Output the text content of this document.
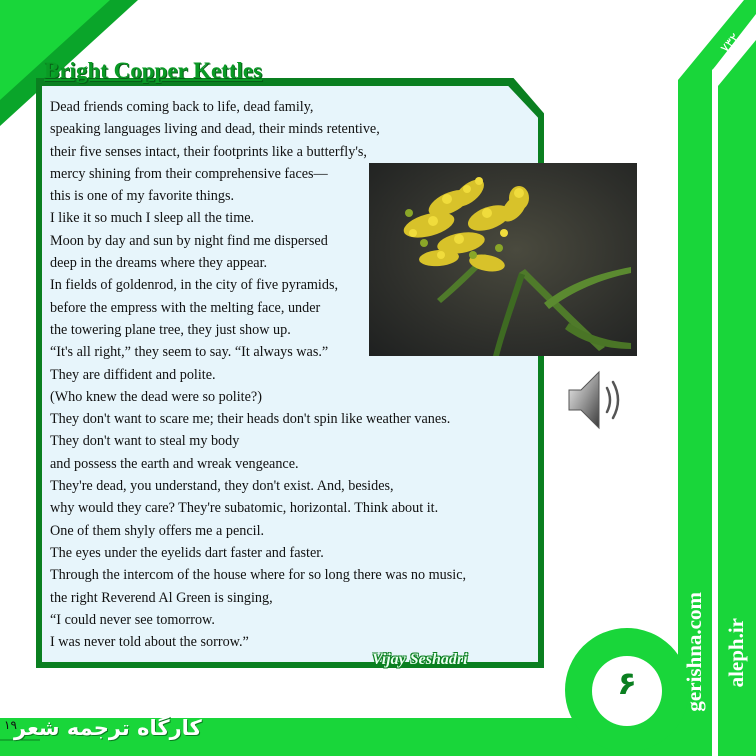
Bright Copper Kettles
Dead friends coming back to life, dead family,
speaking languages living and dead, their minds retentive,
their five senses intact, their footprints like a butterfly's,
mercy shining from their comprehensive faces—
this is one of my favorite things.
I like it so much I sleep all the time.
Moon by day and sun by night find me dispersed
deep in the dreams where they appear.
In fields of goldenrod, in the city of five pyramids,
before the empress with the melting face, under
the towering plane tree, they just show up.
“It's all right,” they seem to say. “It always was.”
They are diffident and polite.
(Who knew the dead were so polite?)
They don't want to scare me; their heads don't spin like weather vanes.
They don't want to steal my body
and possess the earth and wreak vengeance.
They're dead, you understand, they don't exist. And, besides,
why would they care? They're subatomic, horizontal. Think about it.
One of them shyly offers me a pencil.
The eyes under the eyelids dart faster and faster.
Through the intercom of the house where for so long there was no music,
the right Reverend Al Green is singing,
“I could never see tomorrow.
I was never told about the sorrow.”
Vijay Seshadri
۶	gerishna.com aleph.ir
۷۳۲
کارگاه ترجمه شعر
۱۹
